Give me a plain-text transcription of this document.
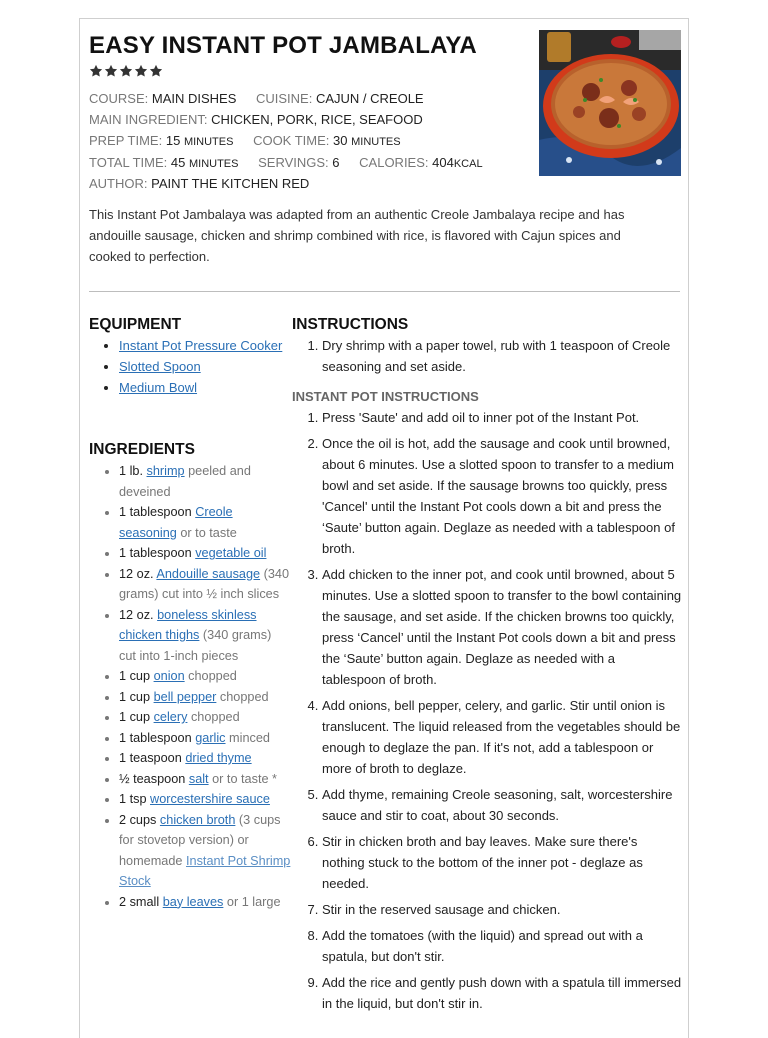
EASY INSTANT POT JAMBALAYA
COURSE: MAIN DISHES CUISINE: CAJUN / CREOLE
MAIN INGREDIENT: CHICKEN, PORK, RICE, SEAFOOD
PREP TIME: 15 MINUTES COOK TIME: 30 MINUTES
TOTAL TIME: 45 MINUTES SERVINGS: 6 CALORIES: 404KCAL
AUTHOR: PAINT THE KITCHEN RED

This Instant Pot Jambalaya was adapted from an authentic Creole Jambalaya recipe and has andouille sausage, chicken and shrimp combined with rice, is flavored with Cajun spices and cooked to perfection.

EQUIPMENT
• Instant Pot Pressure Cooker
• Slotted Spoon
• Medium Bowl
INGREDIENTS
• 1 lb. shrimp peeled and deveined
• 1 tablespoon Creole seasoning or to taste
• 1 tablespoon vegetable oil
• 12 oz. Andouille sausage (340 grams) cut into ½ inch slices
• 12 oz. boneless skinless chicken thighs (340 grams) cut into 1-inch pieces
• 1 cup onion chopped
• 1 cup bell pepper chopped
• 1 cup celery chopped
• 1 tablespoon garlic minced
• 1 teaspoon dried thyme
• ½ teaspoon salt or to taste *
• 1 tsp worcestershire sauce
• 2 cups chicken broth (3 cups for stovetop version) or homemade Instant Pot Shrimp Stock
• 2 small bay leaves or 1 large
INSTRUCTIONS
1. Dry shrimp with a paper towel, rub with 1 teaspoon of Creole seasoning and set aside.
INSTANT POT INSTRUCTIONS
1. Press 'Saute' and add oil to inner pot of the Instant Pot.
2. Once the oil is hot, add the sausage and cook until browned, about 6 minutes. Use a slotted spoon to transfer to a medium bowl and set aside. If the sausage browns too quickly, press 'Cancel' until the Instant Pot cools down a bit and press the ‘Saute’ button again. Deglaze as needed with a tablespoon of broth.
3. Add chicken to the inner pot, and cook until browned, about 5 minutes. Use a slotted spoon to transfer to the bowl containing the sausage, and set aside. If the chicken browns too quickly, press ‘Cancel’ until the Instant Pot cools down a bit and press the ‘Saute’ button again. Deglaze as needed with a tablespoon of broth.
4. Add onions, bell pepper, celery, and garlic. Stir until onion is translucent. The liquid released from the vegetables should be enough to deglaze the pan. If it's not, add a tablespoon or more of broth to deglaze.
5. Add thyme, remaining Creole seasoning, salt, worcestershire sauce and stir to coat, about 30 seconds.
6. Stir in chicken broth and bay leaves. Make sure there's nothing stuck to the bottom of the inner pot - deglaze as needed.
7. Stir in the reserved sausage and chicken.
8. Add the tomatoes (with the liquid) and spread out with a spatula, but don't stir.
9. Add the rice and gently push down with a spatula till immersed in the liquid, but don't stir in.
